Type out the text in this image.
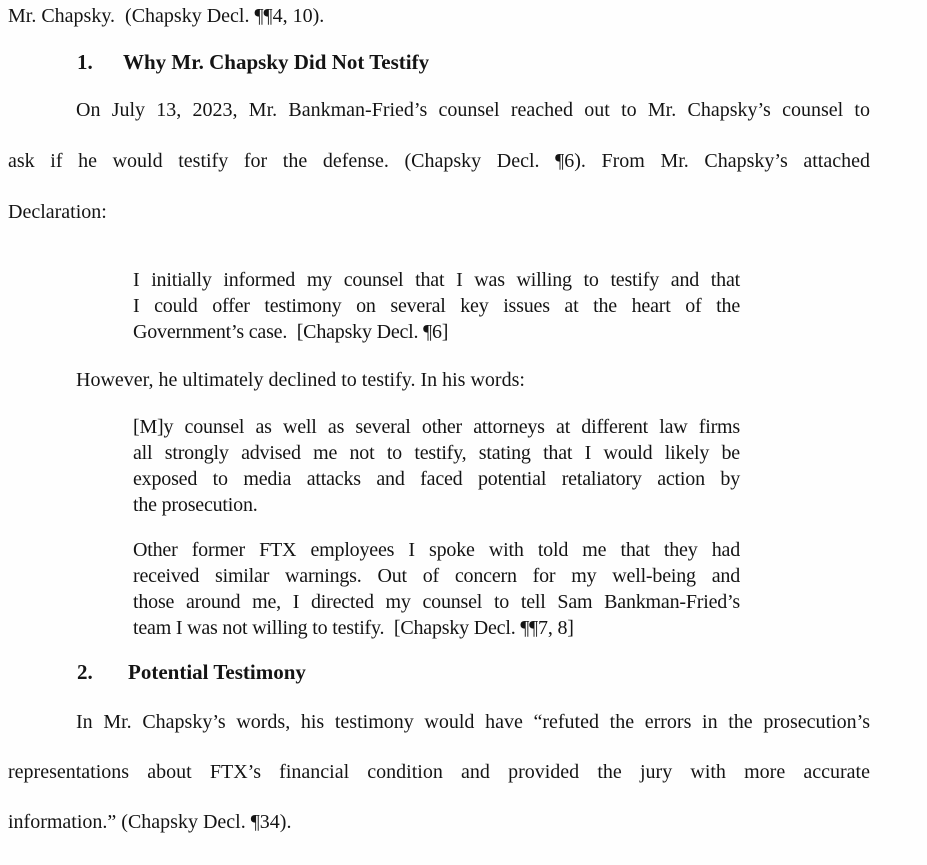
Mr. Chapsky.  (Chapsky Decl. ¶¶4, 10).
1. Why Mr. Chapsky Did Not Testify
On July 13, 2023, Mr. Bankman-Fried’s counsel reached out to Mr. Chapsky’s counsel to
ask if he would testify for the defense. (Chapsky Decl. ¶6). From Mr. Chapsky’s attached
Declaration:
I initially informed my counsel that I was willing to testify and that
I could offer testimony on several key issues at the heart of the
Government’s case.  [Chapsky Decl. ¶6]
However, he ultimately declined to testify. In his words:
[M]y counsel as well as several other attorneys at different law firms
all strongly advised me not to testify, stating that I would likely be
exposed to media attacks and faced potential retaliatory action by
the prosecution.
Other former FTX employees I spoke with told me that they had
received similar warnings. Out of concern for my well-being and
those around me, I directed my counsel to tell Sam Bankman-Fried’s
team I was not willing to testify.  [Chapsky Decl. ¶¶7, 8]
2. Potential Testimony
In Mr. Chapsky’s words, his testimony would have “refuted the errors in the prosecution’s
representations about FTX’s financial condition and provided the jury with more accurate
information.” (Chapsky Decl. ¶34).
